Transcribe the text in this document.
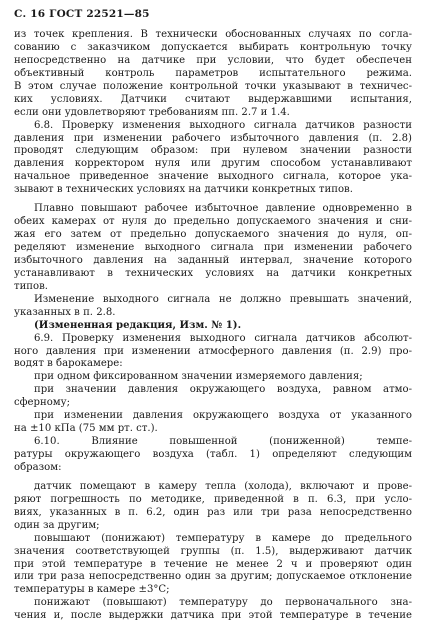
С. 16 ГОСТ 22521—85
из точек крепления. В технически обоснованных случаях по согла-
сованию с заказчиком допускается выбирать контрольную точку
непосредственно на датчике при условии, что будет обеспечен
объективный контроль параметров испытательного режима.
В этом случае положение контрольной точки указывают в техничес-
ких условиях. Датчики считают выдержавшими испытания,
если они удовлетворяют требованиям пп. 2.7 и 1.4.
6.8. Проверку изменения выходного сигнала датчиков разности
давления при изменении рабочего избыточного давления (п. 2.8)
проводят следующим образом: при нулевом значении разности
давления корректором нуля или другим способом устанавливают
начальное приведенное значение выходного сигнала, которое ука-
зывают в технических условиях на датчики конкретных типов.
Плавно повышают рабочее избыточное давление одновременно в
обеих камерах от нуля до предельно допускаемого значения и сни-
жая его затем от предельно допускаемого значения до нуля, оп-
ределяют изменение выходного сигнала при изменении рабочего
избыточного давления на заданный интервал, значение которого
устанавливают в технических условиях на датчики конкретных
типов.
Изменение выходного сигнала не должно превышать значений,
указанных в п. 2.8.
(Измененная редакция, Изм. № 1).
6.9. Проверку изменения выходного сигнала датчиков абсолют-
ного давления при изменении атмосферного давления (п. 2.9) про-
водят в барокамере:
при одном фиксированном значении измеряемого давления;
при значении давления окружающего воздуха, равном атмо-
сферному;
при изменении давления окружающего воздуха от указанного
на ±10 кПа (75 мм рт. ст.).
6.10. Влияние повышенной (пониженной) темпе-
ратуры окружающего воздуха (табл. 1) определяют следующим
образом:
датчик помещают в камеру тепла (холода), включают и прове-
ряют погрешность по методике, приведенной в п. 6.3, при усло-
виях, указанных в п. 6.2, один раз или три раза непосредственно
один за другим;
повышают (понижают) температуру в камере до предельного
значения соответствующей группы (п. 1.5), выдерживают датчик
при этой температуре в течение не менее 2 ч и проверяют один
или три раза непосредственно один за другим; допускаемое отклонение
температуры в камере ±3°С;
понижают (повышают) температуру до первоначального зна-
чения и, после выдержки датчика при этой температуре в течение
